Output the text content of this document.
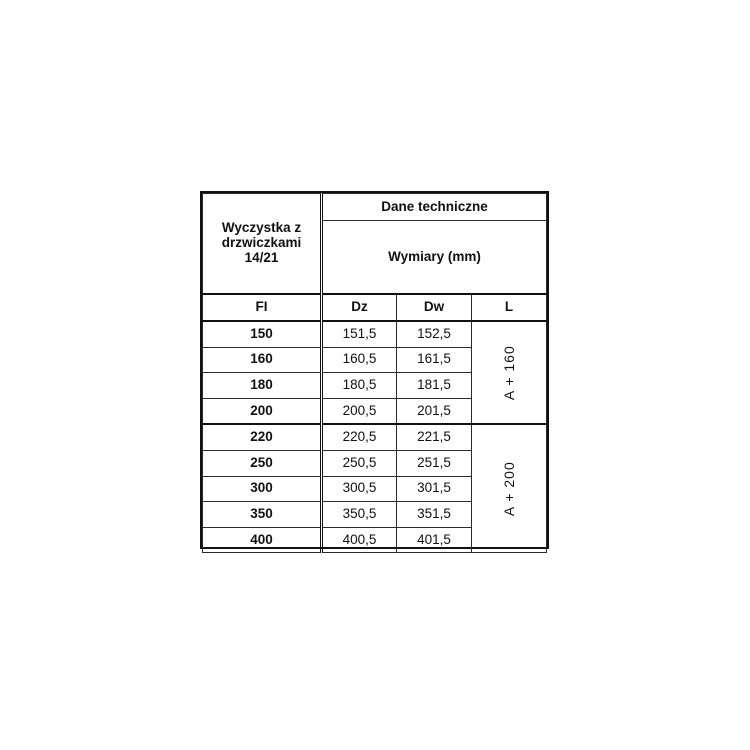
Wyczystka z drzwiczkami 14/21	Dane techniczne		
	Wymiary (mm)		
FI	Dz	Dw	L
150	151,5	152,5	A + 160
160	160,5	161,5	
180	180,5	181,5	
200	200,5	201,5	
220	220,5	221,5	A + 200
250	250,5	251,5	
300	300,5	301,5	
350	350,5	351,5	
400	400,5	401,5	
